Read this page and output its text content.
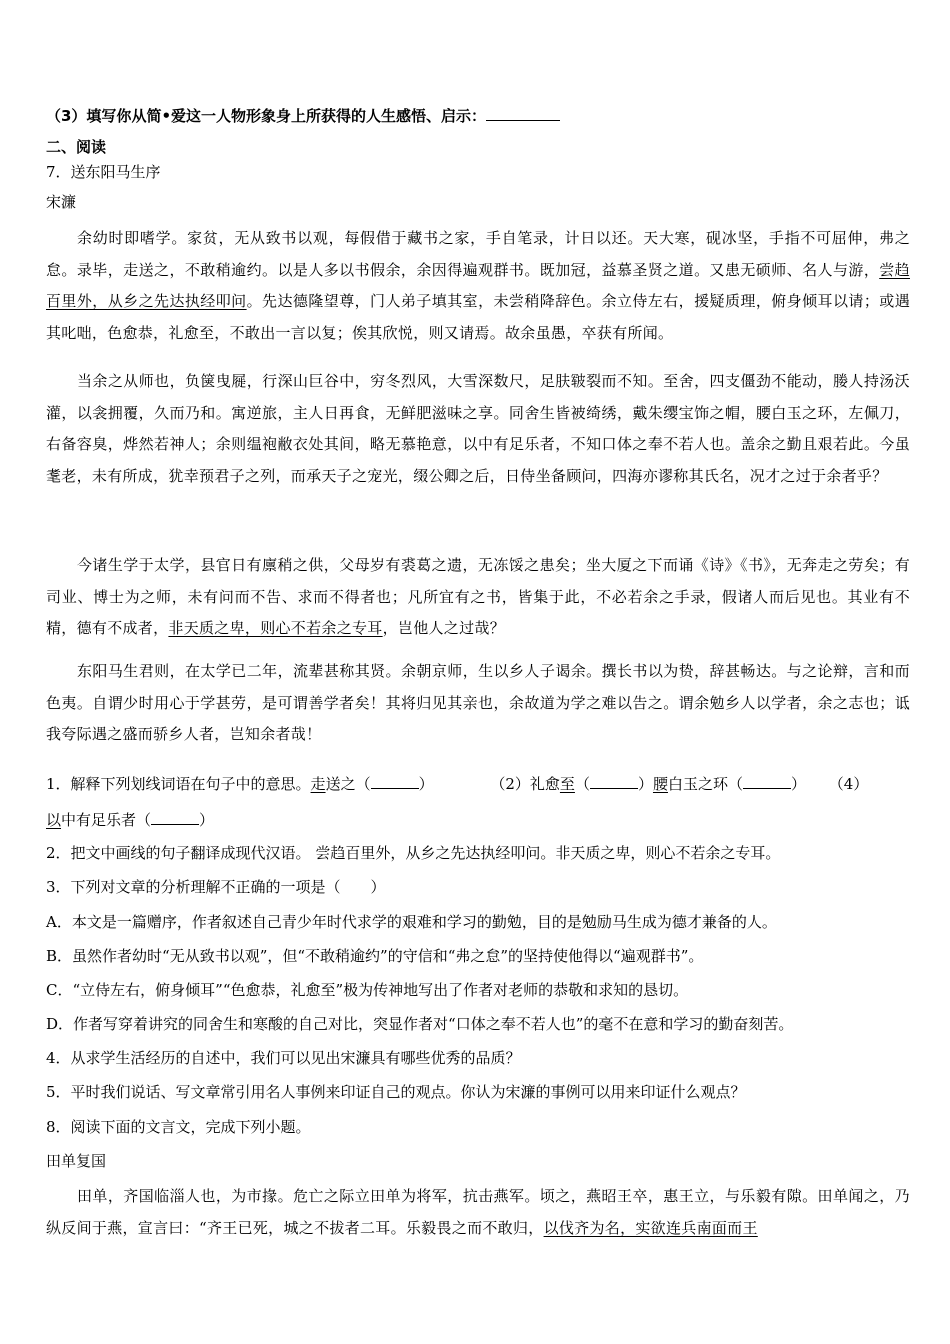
（3）填写你从简•爱这一人物形象身上所获得的人生感悟、启示：
二、阅读
7．送东阳马生序
宋濂
余幼时即嗜学。家贫，无从致书以观，每假借于藏书之家，手自笔录，计日以还。天大寒，砚冰坚，手指不可屈伸，弗之怠。录毕，走送之，不敢稍逾约。以是人多以书假余，余因得遍观群书。既加冠，益慕圣贤之道。又患无硕师、名人与游，尝趋百里外，从乡之先达执经叩问。先达德隆望尊，门人弟子填其室，未尝稍降辞色。余立侍左右，援疑质理，俯身倾耳以请；或遇其叱咄，色愈恭，礼愈至，不敢出一言以复；俟其欣悦，则又请焉。故余虽愚，卒获有所闻。
当余之从师也，负箧曳屣，行深山巨谷中，穷冬烈风，大雪深数尺，足肤皲裂而不知。至舍，四支僵劲不能动，媵人持汤沃灌，以衾拥覆，久而乃和。寓逆旅，主人日再食，无鲜肥滋味之享。同舍生皆被绮绣，戴朱缨宝饰之帽，腰白玉之环，左佩刀，右备容臭，烨然若神人；余则缊袍敝衣处其间，略无慕艳意，以中有足乐者，不知口体之奉不若人也。盖余之勤且艰若此。今虽耄老，未有所成，犹幸预君子之列，而承天子之宠光，缀公卿之后，日侍坐备顾问，四海亦谬称其氏名，况才之过于余者乎？
今诸生学于太学，县官日有廪稍之供，父母岁有裘葛之遗，无冻馁之患矣；坐大厦之下而诵《诗》《书》，无奔走之劳矣；有司业、博士为之师，未有问而不告、求而不得者也；凡所宜有之书，皆集于此，不必若余之手录，假诸人而后见也。其业有不精，德有不成者，非天质之卑，则心不若余之专耳，岂他人之过哉？
东阳马生君则，在太学已二年，流辈甚称其贤。余朝京师，生以乡人子谒余。撰长书以为贽，辞甚畅达。与之论辩，言和而色夷。自谓少时用心于学甚劳，是可谓善学者矣！其将归见其亲也，余故道为学之难以告之。谓余勉乡人以学者，余之志也；诋我夸际遇之盛而骄乡人者，岂知余者哉！
1．解释下列划线词语在句子中的意思。走送之（	）	（2）礼愈至（	）腰白玉之环（	） （4）
以中有足乐者（	）
2．把文中画线的句子翻译成现代汉语。 尝趋百里外，从乡之先达执经叩问。非天质之卑，则心不若余之专耳。
3．下列对文章的分析理解不正确的一项是（　　）
A．本文是一篇赠序，作者叙述自己青少年时代求学的艰难和学习的勤勉，目的是勉励马生成为德才兼备的人。
B．虽然作者幼时“无从致书以观”，但“不敢稍逾约”的守信和“弗之怠”的坚持使他得以“遍观群书”。
C．“立侍左右，俯身倾耳”“色愈恭，礼愈至”极为传神地写出了作者对老师的恭敬和求知的恳切。
D．作者写穿着讲究的同舍生和寒酸的自己对比，突显作者对“口体之奉不若人也”的毫不在意和学习的勤奋刻苦。
4．从求学生活经历的自述中，我们可以见出宋濂具有哪些优秀的品质？
5．平时我们说话、写文章常引用名人事例来印证自己的观点。你认为宋濂的事例可以用来印证什么观点？
8．阅读下面的文言文，完成下列小题。
田单复国
田单，齐国临淄人也，为市掾。危亡之际立田单为将军，抗击燕军。顷之，燕昭王卒，惠王立，与乐毅有隙。田单闻之，乃纵反间于燕，宣言曰：“齐王已死，城之不拔者二耳。乐毅畏之而不敢归，以伐齐为名，实欲连兵南面而王
